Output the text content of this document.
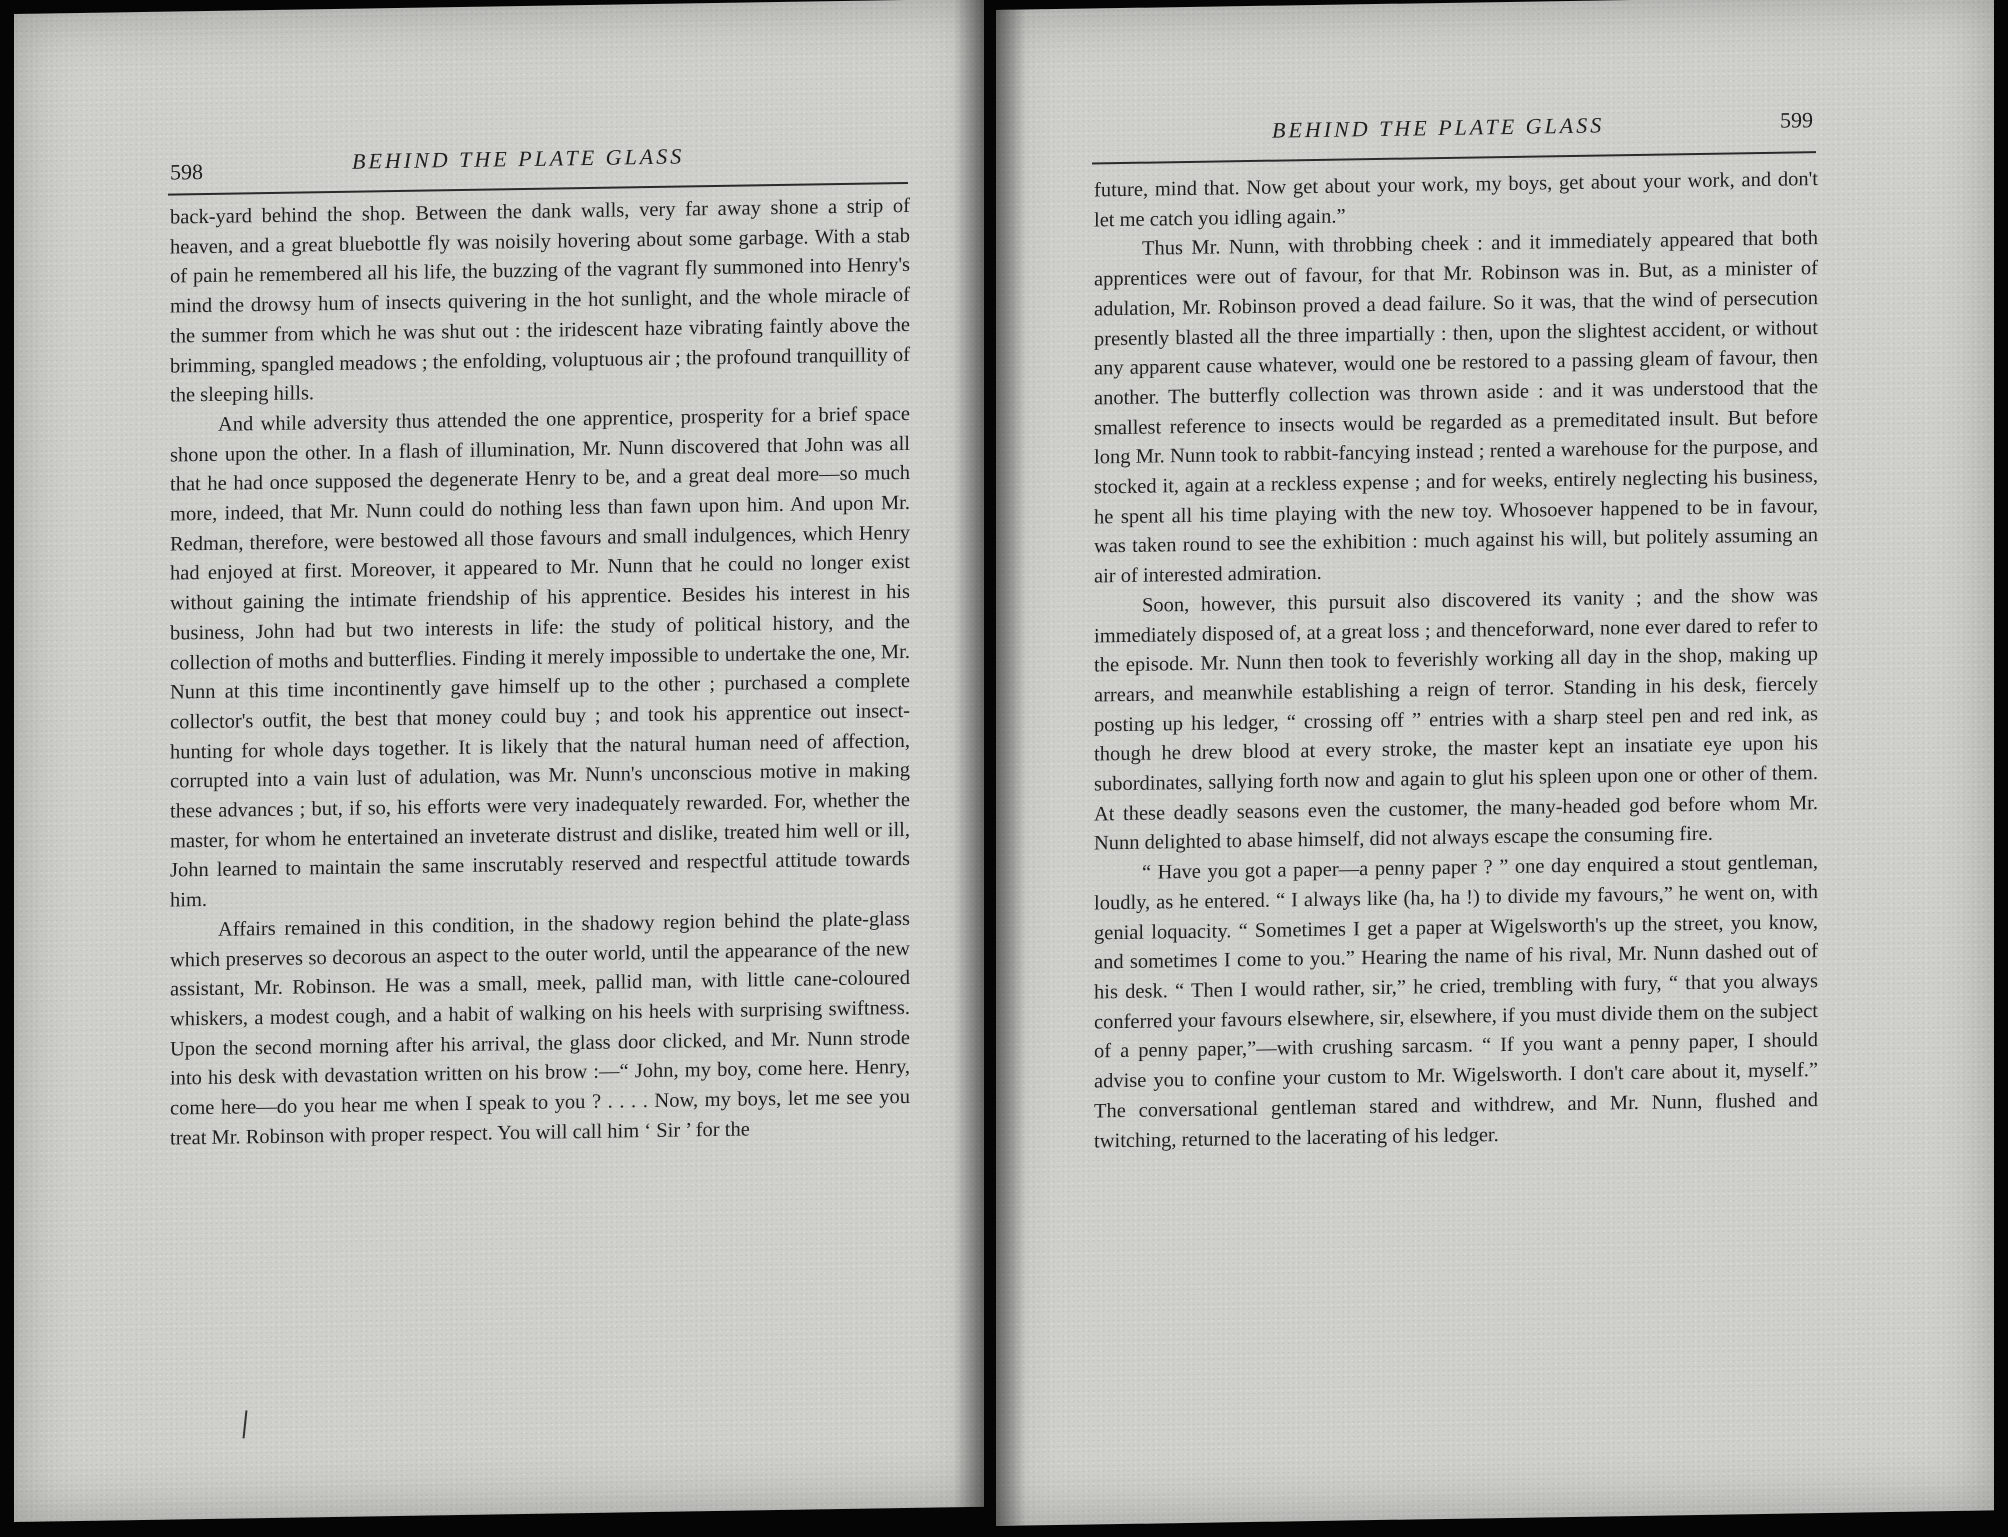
598	BEHIND THE PLATE GLASS

back-yard behind the shop. Between the dank walls, very far away shone a strip of heaven, and a great bluebottle fly was noisily hovering about some garbage. With a stab of pain he remembered all his life, the buzzing of the vagrant fly summoned into Henry's mind the drowsy hum of insects quivering in the hot sunlight, and the whole miracle of the summer from which he was shut out : the iridescent haze vibrating faintly above the brimming, spangled meadows ; the enfolding, voluptuous air ; the profound tranquillity of the sleeping hills.

And while adversity thus attended the one apprentice, prosperity for a brief space shone upon the other. In a flash of illumination, Mr. Nunn discovered that John was all that he had once supposed the degenerate Henry to be, and a great deal more—so much more, indeed, that Mr. Nunn could do nothing less than fawn upon him. And upon Mr. Redman, therefore, were bestowed all those favours and small indulgences, which Henry had enjoyed at first. Moreover, it appeared to Mr. Nunn that he could no longer exist without gaining the intimate friendship of his apprentice. Besides his interest in his business, John had but two interests in life: the study of political history, and the collection of moths and butterflies. Finding it merely impossible to undertake the one, Mr. Nunn at this time incontinently gave himself up to the other ; purchased a complete collector's outfit, the best that money could buy ; and took his apprentice out insect-hunting for whole days together. It is likely that the natural human need of affection, corrupted into a vain lust of adulation, was Mr. Nunn's unconscious motive in making these advances ; but, if so, his efforts were very inadequately rewarded. For, whether the master, for whom he entertained an inveterate distrust and dislike, treated him well or ill, John learned to maintain the same inscrutably reserved and respectful attitude towards him.

Affairs remained in this condition, in the shadowy region behind the plate-glass which preserves so decorous an aspect to the outer world, until the appearance of the new assistant, Mr. Robinson. He was a small, meek, pallid man, with little cane-coloured whiskers, a modest cough, and a habit of walking on his heels with surprising swiftness. Upon the second morning after his arrival, the glass door clicked, and Mr. Nunn strode into his desk with devastation written on his brow :—“ John, my boy, come here. Henry, come here—do you hear me when I speak to you ? . . . . Now, my boys, let me see you treat Mr. Robinson with proper respect. You will call him ‘ Sir ’ for the

BEHIND THE PLATE GLASS	599

future, mind that. Now get about your work, my boys, get about your work, and don't let me catch you idling again.”

Thus Mr. Nunn, with throbbing cheek : and it immediately appeared that both apprentices were out of favour, for that Mr. Robinson was in. But, as a minister of adulation, Mr. Robinson proved a dead failure. So it was, that the wind of persecution presently blasted all the three impartially : then, upon the slightest accident, or without any apparent cause whatever, would one be restored to a passing gleam of favour, then another. The butterfly collection was thrown aside : and it was understood that the smallest reference to insects would be regarded as a premeditated insult. But before long Mr. Nunn took to rabbit-fancying instead ; rented a warehouse for the purpose, and stocked it, again at a reckless expense ; and for weeks, entirely neglecting his business, he spent all his time playing with the new toy. Whosoever happened to be in favour, was taken round to see the exhibition : much against his will, but politely assuming an air of interested admiration.

Soon, however, this pursuit also discovered its vanity ; and the show was immediately disposed of, at a great loss ; and thenceforward, none ever dared to refer to the episode. Mr. Nunn then took to feverishly working all day in the shop, making up arrears, and meanwhile establishing a reign of terror. Standing in his desk, fiercely posting up his ledger, “ crossing off ” entries with a sharp steel pen and red ink, as though he drew blood at every stroke, the master kept an insatiate eye upon his subordinates, sallying forth now and again to glut his spleen upon one or other of them. At these deadly seasons even the customer, the many-headed god before whom Mr. Nunn delighted to abase himself, did not always escape the consuming fire.

“ Have you got a paper—a penny paper ? ” one day enquired a stout gentleman, loudly, as he entered. “ I always like (ha, ha !) to divide my favours,” he went on, with genial loquacity. “ Sometimes I get a paper at Wigelsworth's up the street, you know, and sometimes I come to you.” Hearing the name of his rival, Mr. Nunn dashed out of his desk. “ Then I would rather, sir,” he cried, trembling with fury, “ that you always conferred your favours elsewhere, sir, elsewhere, if you must divide them on the subject of a penny paper,”—with crushing sarcasm. “ If you want a penny paper, I should advise you to confine your custom to Mr. Wigelsworth. I don't care about it, myself.” The conversational gentleman stared and withdrew, and Mr. Nunn, flushed and twitching, returned to the lacerating of his ledger.
